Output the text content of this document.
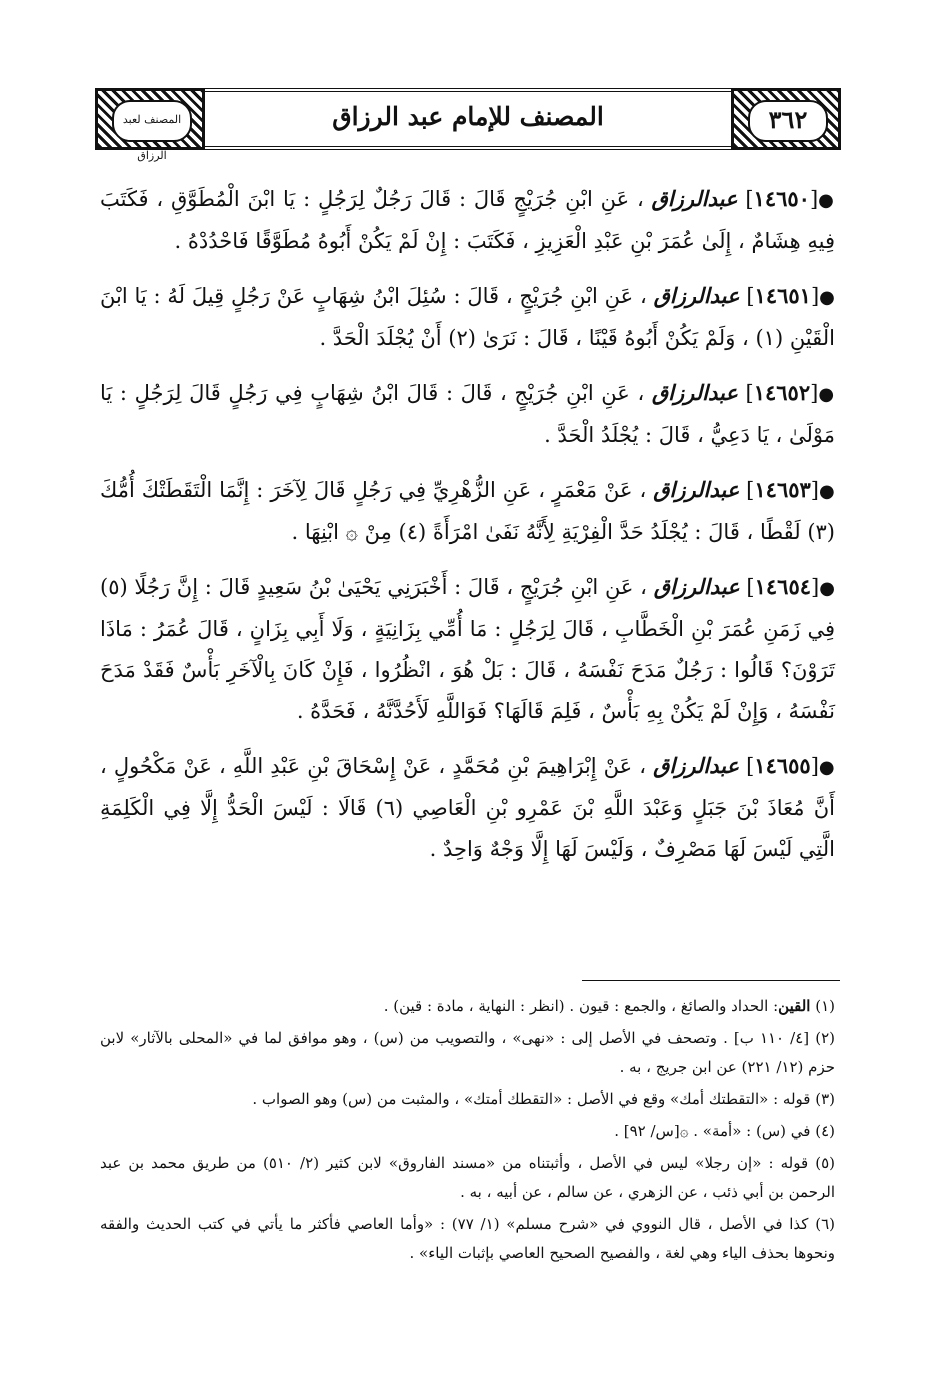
المصنف لعبد الرزاق
المصنف للإمام عبد الرزاق	٣٦٢

●[١٤٦٥٠] عبدالرزاق ، عَنِ ابْنِ جُرَيْجٍ قَالَ : قَالَ رَجُلٌ لِرَجُلٍ : يَا ابْنَ الْمُطَوَّقِ ، فَكَتَبَ فِيهِ هِشَامٌ ، إِلَىٰ عُمَرَ بْنِ عَبْدِ الْعَزِيزِ ، فَكَتَبَ : إِنْ لَمْ يَكُنْ أَبُوهُ مُطَوَّقًا فَاحْدُدْهُ .

●[١٤٦٥١] عبدالرزاق ، عَنِ ابْنِ جُرَيْجٍ ، قَالَ : سُئِلَ ابْنُ شِهَابٍ عَنْ رَجُلٍ قِيلَ لَهُ : يَا ابْنَ الْقَيْنِ (١) ، وَلَمْ يَكُنْ أَبُوهُ قَيْنًا ، قَالَ : نَرَىٰ (٢) أَنْ يُجْلَدَ الْحَدَّ .

●[١٤٦٥٢] عبدالرزاق ، عَنِ ابْنِ جُرَيْجٍ ، قَالَ : قَالَ ابْنُ شِهَابٍ فِي رَجُلٍ قَالَ لِرَجُلٍ : يَا مَوْلَىٰ ، يَا دَعِيُّ ، قَالَ : يُجْلَدُ الْحَدَّ .

●[١٤٦٥٣] عبدالرزاق ، عَنْ مَعْمَرٍ ، عَنِ الزُّهْرِيِّ فِي رَجُلٍ قَالَ لِآخَرَ : إِنَّمَا الْتَقَطَتْكَ أُمُّكَ (٣) لَقْطًا ، قَالَ : يُجْلَدُ حَدَّ الْفِرْيَةِ لِأَنَّهُ نَفَىٰ امْرَأَةً (٤) مِنْ ۞ ابْنِهَا .

●[١٤٦٥٤] عبدالرزاق ، عَنِ ابْنِ جُرَيْجٍ ، قَالَ : أَخْبَرَنِي يَحْيَىٰ بْنُ سَعِيدٍ قَالَ : إِنَّ رَجُلًا (٥) فِي زَمَنِ عُمَرَ بْنِ الْخَطَّابِ ، قَالَ لِرَجُلٍ : مَا أُمِّي بِزَانِيَةٍ ، وَلَا أَبِي بِزَانٍ ، قَالَ عُمَرُ : مَاذَا تَرَوْنَ؟ قَالُوا : رَجُلٌ مَدَحَ نَفْسَهُ ، قَالَ : بَلْ هُوَ ، انْظُرُوا ، فَإِنْ كَانَ بِالْآخَرِ بَأْسٌ فَقَدْ مَدَحَ نَفْسَهُ ، وَإِنْ لَمْ يَكُنْ بِهِ بَأْسٌ ، فَلِمَ قَالَهَا؟ فَوَاللَّهِ لَأَحُدَّنَّهُ ، فَحَدَّهُ .

●[١٤٦٥٥] عبدالرزاق ، عَنْ إِبْرَاهِيمَ بْنِ مُحَمَّدٍ ، عَنْ إِسْحَاقَ بْنِ عَبْدِ اللَّهِ ، عَنْ مَكْحُولٍ ، أَنَّ مُعَاذَ بْنَ جَبَلٍ وَعَبْدَ اللَّهِ بْنَ عَمْرِو بْنِ الْعَاصِي (٦) قَالَا : لَيْسَ الْحَدُّ إِلَّا فِي الْكَلِمَةِ الَّتِي لَيْسَ لَهَا مَصْرِفٌ ، وَلَيْسَ لَهَا إِلَّا وَجْهٌ وَاحِدٌ .

(١) القين: الحداد والصائغ ، والجمع : قيون . (انظر : النهاية ، مادة : قين) .

(٢) [٤/ ١١٠ ب] . وتصحف في الأصل إلى : «نهى» ، والتصويب من (س) ، وهو موافق لما في «المحلى بالآثار» لابن حزم (١٢/ ٢٢١) عن ابن جريج ، به .

(٣) قوله : «التقطتك أمك» وقع في الأصل : «التقطك أمتك» ، والمثبت من (س) وهو الصواب .

(٤) في (س) : «أمة» . ۞[س/ ٩٢] .

(٥) قوله : «إن رجلا» ليس في الأصل ، وأثبتناه من «مسند الفاروق» لابن كثير (٢/ ٥١٠) من طريق محمد بن عبد الرحمن بن أبي ذئب ، عن الزهري ، عن سالم ، عن أبيه ، به .

(٦) كذا في الأصل ، قال النووي في «شرح مسلم» (١/ ٧٧) : «وأما العاصي فأكثر ما يأتي في كتب الحديث والفقه ونحوها بحذف الياء وهي لغة ، والفصيح الصحيح العاصي بإثبات الياء» .
